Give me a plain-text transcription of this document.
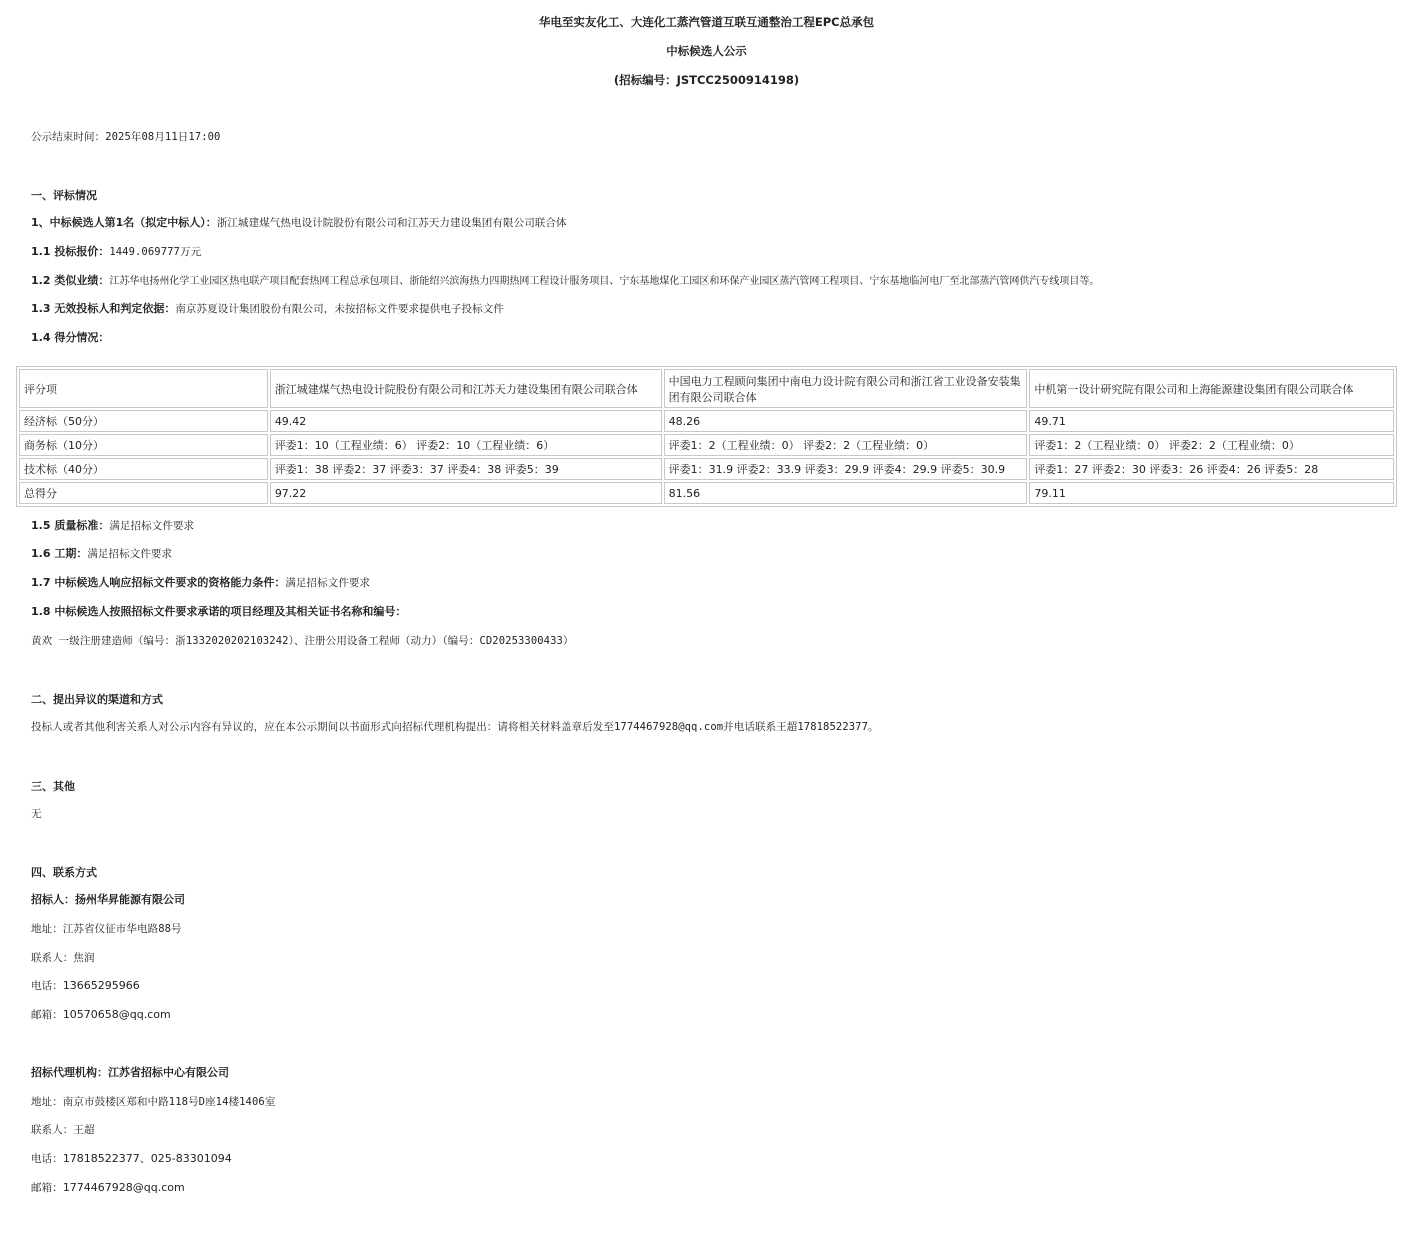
华电至实友化工、大连化工蒸汽管道互联互通整治工程EPC总承包
中标候选人公示
(招标编号：JSTCC2500914198)
公示结束时间：2025年08月11日17:00
一、评标情况
1、中标候选人第1名（拟定中标人）：浙江城建煤气热电设计院股份有限公司和江苏天力建设集团有限公司联合体
1.1 投标报价：1449.069777万元
1.2 类似业绩：江苏华电扬州化学工业园区热电联产项目配套热网工程总承包项目、浙能绍兴滨海热力四期热网工程设计服务项目、宁东基地煤化工园区和环保产业园区蒸汽管网工程项目、宁东基地临河电厂至北部蒸汽管网供汽专线项目等。
1.3 无效投标人和判定依据：南京苏夏设计集团股份有限公司，未按招标文件要求提供电子投标文件
1.4 得分情况：
评分项	浙江城建煤气热电设计院股份有限公司和江苏天力建设集团有限公司联合体	中国电力工程顾问集团中南电力设计院有限公司和浙江省工业设备安装集团有限公司联合体	中机第一设计研究院有限公司和上海能源建设集团有限公司联合体
经济标（50分）	49.42	48.26	49.71
商务标（10分）	评委1：10（工程业绩：6） 评委2：10（工程业绩：6）	评委1：2（工程业绩：0） 评委2：2（工程业绩：0）	评委1：2（工程业绩：0） 评委2：2（工程业绩：0）
技术标（40分）	评委1：38 评委2：37 评委3：37 评委4：38 评委5：39	评委1：31.9 评委2：33.9 评委3：29.9 评委4：29.9 评委5：30.9	评委1：27 评委2：30 评委3：26 评委4：26 评委5：28
总得分	97.22	81.56	79.11
1.5 质量标准：满足招标文件要求
1.6 工期：满足招标文件要求
1.7 中标候选人响应招标文件要求的资格能力条件：满足招标文件要求
1.8 中标候选人按照招标文件要求承诺的项目经理及其相关证书名称和编号：
黄欢 一级注册建造师（编号：浙1332020202103242）、注册公用设备工程师（动力）（编号：CD20253300433）
二、提出异议的渠道和方式
投标人或者其他利害关系人对公示内容有异议的，应在本公示期间以书面形式向招标代理机构提出：请将相关材料盖章后发至1774467928@qq.com并电话联系王超17818522377。
三、其他
无
四、联系方式
招标人：扬州华昇能源有限公司
地址：江苏省仪征市华电路88号
联系人：焦润
电话：13665295966
邮箱：10570658@qq.com
招标代理机构：江苏省招标中心有限公司
地址：南京市鼓楼区郑和中路118号D座14楼1406室
联系人：王超
电话：17818522377、025-83301094
邮箱：1774467928@qq.com
